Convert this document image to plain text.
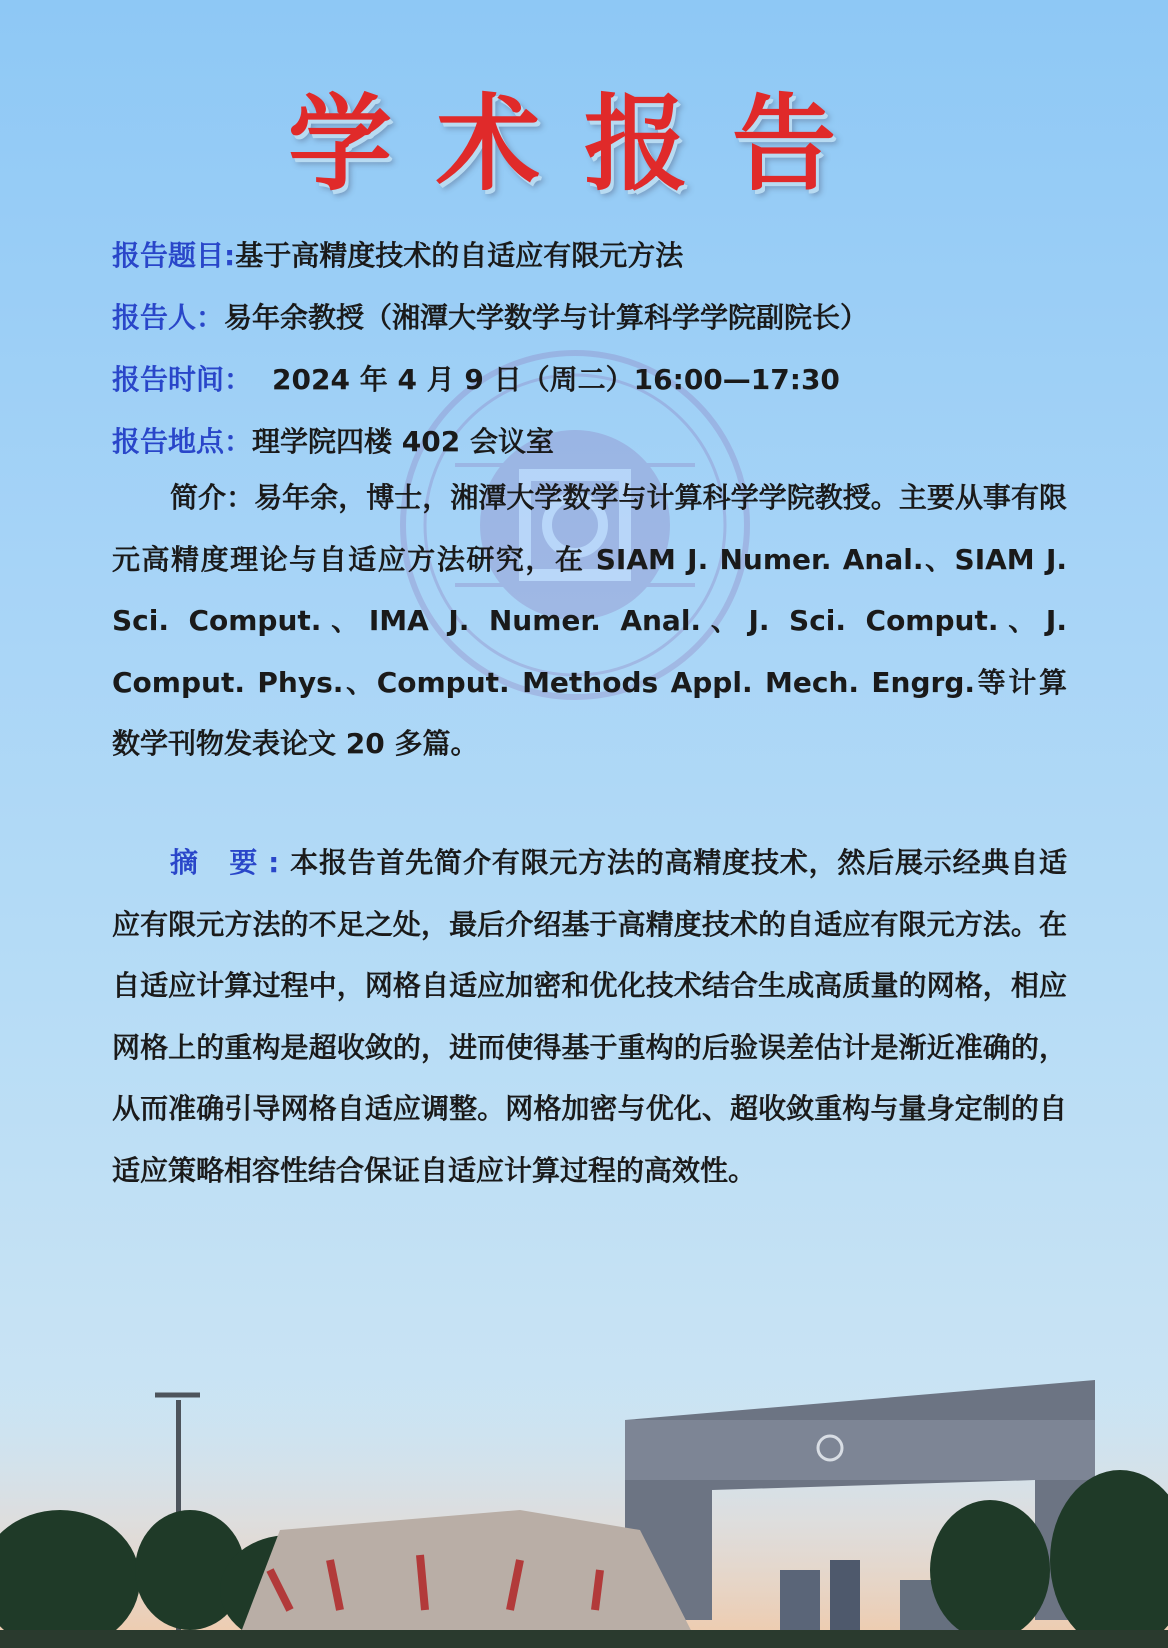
学术报告
报告题目:基于高精度技术的自适应有限元方法
报告人：易年余教授（湘潭大学数学与计算科学学院副院长）
报告时间： 2024 年 4 月 9 日（周二）16:00—17:30
报告地点：理学院四楼 402 会议室
简介：易年余，博士，湘潭大学数学与计算科学学院教授。主要从事有限元高精度理论与自适应方法研究，在 SIAM J. Numer. Anal.、SIAM J. Sci. Comput.、IMA J. Numer. Anal.、J. Sci. Comput.、J. Comput. Phys.、Comput. Methods Appl. Mech. Engrg.等计算数学刊物发表论文 20 多篇。
摘 要:本报告首先简介有限元方法的高精度技术，然后展示经典自适应有限元方法的不足之处，最后介绍基于高精度技术的自适应有限元方法。在自适应计算过程中，网格自适应加密和优化技术结合生成高质量的网格，相应网格上的重构是超收敛的，进而使得基于重构的后验误差估计是渐近准确的，从而准确引导网格自适应调整。网格加密与优化、超收敛重构与量身定制的自适应策略相容性结合保证自适应计算过程的高效性。
